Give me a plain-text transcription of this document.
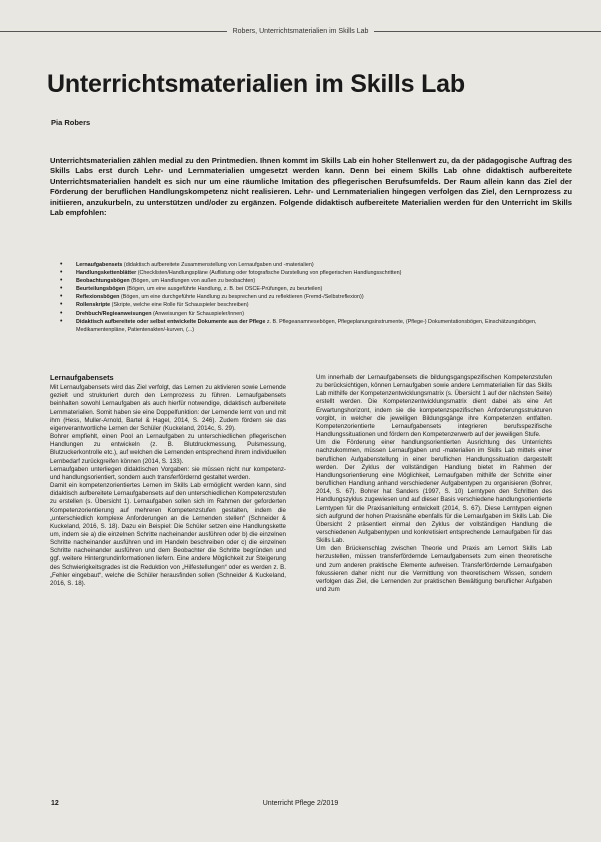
Robers, Unterrichtsmaterialien im Skills Lab
Unterrichtsmaterialien im Skills Lab
Pia Robers

Unterrichtsmaterialien zählen medial zu den Printmedien. Ihnen kommt im Skills Lab ein hoher Stellenwert zu, da der pädagogische Auftrag des Skills Labs erst durch Lehr- und Lernmaterialien umgesetzt werden kann. Denn bei einem Skills Lab ohne didaktisch aufbereitete Unterrichtsmaterialien handelt es sich nur um eine räumliche Imitation des pflegerischen Berufsumfelds. Der Raum allein kann das Ziel der Förderung der beruflichen Handlungskompetenz nicht realisieren. Lehr- und Lernmaterialien hingegen verfolgen das Ziel, den Lernprozess zu initiieren, anzukurbeln, zu unterstützen und/oder zu ergänzen. Folgende didaktisch aufbereitete Materialien werden für den Unterricht im Skills Lab empfohlen:

• Lernaufgabensets (didaktisch aufbereitete Zusammenstellung von Lernaufgaben und -materialien)
• Handlungskettenblätter (Checklisten/Handlungspläne (Auflistung oder fotografische Darstellung von pflegerischen Handlungsschritten)
• Beobachtungsbögen (Bögen, um Handlungen von außen zu beobachten)
• Beurteilungsbögen (Bögen, um eine ausgeführte Handlung, z. B. bei OSCE-Prüfungen, zu beurteilen)
• Reflexionsbögen (Bögen, um eine durchgeführte Handlung zu besprechen und zu reflektieren (Fremd-/Selbstreflexion))
• Rollenskripte (Skripte, welche eine Rolle für Schauspieler beschreiben)
• Drehbuch/Regieanweisungen (Anweisungen für Schauspieler/innen)
• Didaktisch aufbereitete oder selbst entwickelte Dokumente aus der Pflege z. B. Pflegeanamnesebögen, Pflegeplanungsinstrumente, (Pflege-) Dokumentationsbögen, Einschätzungsbögen, Medikamentenpläne, Patientenakten/-kurven, (...)
Lernaufgabensets

Mit Lernaufgabensets wird das Ziel verfolgt, das Lernen zu aktivieren sowie Lernende gezielt und strukturiert durch den Lernprozess zu führen. Lernaufgabensets beinhalten sowohl Lernaufgaben als auch hierfür notwendige, didaktisch aufbereitete Lernmaterialien. Somit haben sie eine Doppelfunktion: der Lernende lernt von und mit ihm (Hess, Muller-Arnold, Bartel & Hagel, 2014, S. 246). Zudem fördern sie das eigenverantwortliche Lernen der Schüler (Kuckeland, 2014c, S. 29).

Bohrer empfiehlt, einen Pool an Lernaufgaben zu unterschiedlichen pflegerischen Handlungen zu entwickeln (z. B. Blutdruckmessung, Pulsmessung, Blutzuckerkontrolle etc.), auf welchen die Lernenden entsprechend ihrem individuellen Lernbedarf zurückgreifen können (2014, S. 133).

Lernaufgaben unterliegen didaktischen Vorgaben: sie müssen nicht nur kompetenz- und handlungsorientiert, sondern auch transferfördernd gestaltet werden.

Damit ein kompetenzorientiertes Lernen im Skills Lab ermöglicht werden kann, sind didaktisch aufbereitete Lernaufgabensets auf den unterschiedlichen Kompetenzstufen zu erstellen (s. Übersicht 1). Lernaufgaben sollen sich im Rahmen der geforderten Kompetenzorientierung auf mehreren Kompetenzstufen gestalten, indem die „unterschiedlich komplexe Anforderungen an die Lernenden stellen“ (Schneider & Kuckeland, 2016, S. 18). Dazu ein Beispiel: Die Schüler setzen eine Handlungskette um, indem sie a) die einzelnen Schritte nacheinander ausführen oder b) die einzelnen Schritte nacheinander ausführen und im Handeln beschreiben oder c) die einzelnen Schritte nacheinander ausführen und dem Beobachter die Schritte begründen und ggf. weitere Hintergrundinformationen liefern. Eine andere Möglichkeit zur Steigerung des Schwierigkeitsgrades ist die Reduktion von „Hilfestellungen“ oder es werden z. B. „Fehler eingebaut“, welche die Schüler herausfinden sollen (Schneider & Kuckeland, 2016, S. 18).

Um innerhalb der Lernaufgabensets die bildungsgangspezifischen Kompetenzstufen zu berücksichtigen, können Lernaufgaben sowie andere Lernmaterialien für das Skills Lab mithilfe der Kompetenzentwicklungsmatrix (s. Übersicht 1 auf der nächsten Seite) erstellt werden. Die Kompetenzentwicklungsmatrix dient dabei als eine Art Erwartungshorizont, indem sie die kompetenzspezifischen Anforderungsstrukturen vorgibt, in welcher die jeweiligen Bildungsgänge ihre Kompetenzen entfalten. Kompetenzorientierte Lernaufgabensets integrieren berufsspezifische Handlungssituationen und fördern den Kompetenzerwerb auf der jeweiligen Stufe.

Um die Förderung einer handlungsorientierten Ausrichtung des Unterrichts nachzukommen, müssen Lernaufgaben und -materialien im Skills Lab mittels einer beruflichen Aufgabenstellung in einer beruflichen Handlungssituation dargestellt werden. Der Zyklus der vollständigen Handlung bietet im Rahmen der Handlungsorientierung eine Möglichkeit, Lernaufgaben mithilfe der Schritte einer beruflichen Handlung anhand verschiedener Aufgabentypen zu organisieren (Bohrer, 2014, S. 67). Bohrer hat Sanders (1997, S. 10) Lerntypen den Schritten des Handlungszyklus zugewiesen und auf dieser Basis verschiedene handlungsorientierte Lerntypen für die Praxisanleitung entwickelt (2014, S. 67). Diese Lerntypen eignen sich aufgrund der hohen Praxisnähe ebenfalls für die Lernaufgaben im Skills Lab. Die Übersicht 2 präsentiert einmal den Zyklus der vollständigen Handlung die verschiedenen Aufgabentypen und konkretisiert entsprechende Lernaufgaben für das Skills Lab.

Um den Brückenschlag zwischen Theorie und Praxis am Lernort Skills Lab herzustellen, müssen transferfördernde Lernaufgabensets zum einen theoretische und zum anderen praktische Elemente aufweisen. Transferfördernde Lernaufgaben fokussieren daher nicht nur die Vermittlung von theoretischem Wissen, sondern verfolgen das Ziel, die Lernenden zur praktischen Bewältigung beruflicher Aufgaben und zum

12	Unterricht Pflege 2/2019
